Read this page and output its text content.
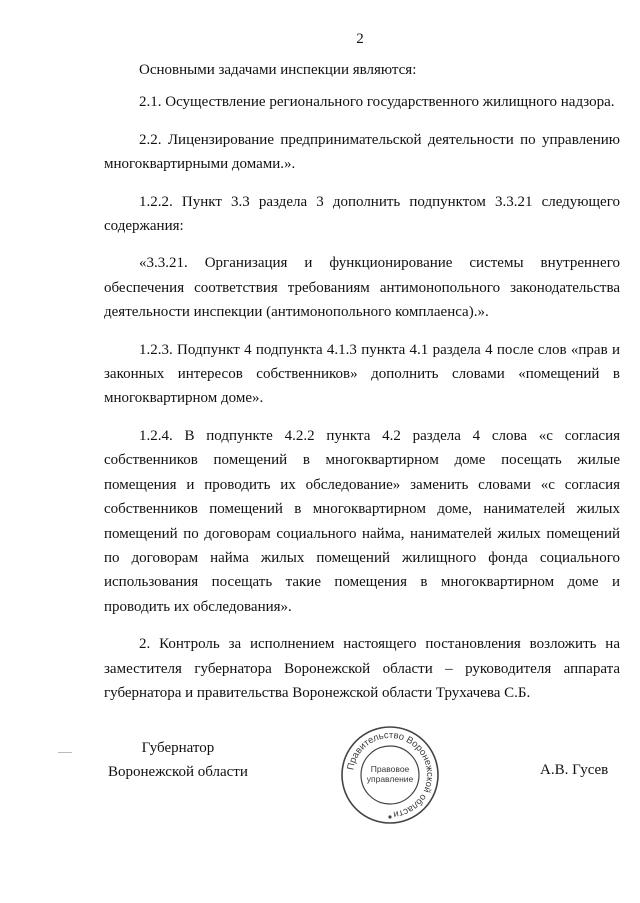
2

Основными задачами инспекции являются:

2.1. Осуществление регионального государственного жилищного надзора.

2.2. Лицензирование предпринимательской деятельности по управлению многоквартирными домами.».

1.2.2. Пункт 3.3 раздела 3 дополнить подпунктом 3.3.21 следующего содержания:

«3.3.21. Организация и функционирование системы внутреннего обеспечения соответствия требованиям антимонопольного законодательства деятельности инспекции (антимонопольного комплаенса).».

1.2.3. Подпункт 4 подпункта 4.1.3 пункта 4.1 раздела 4 после слов «прав и законных интересов собственников» дополнить словами «помещений в многоквартирном доме».

1.2.4. В подпункте 4.2.2 пункта 4.2 раздела 4 слова «с согласия собственников помещений в многоквартирном доме посещать жилые помещения и проводить их обследование» заменить словами «с согласия собственников помещений в многоквартирном доме, нанимателей жилых помещений по договорам социального найма, нанимателей жилых помещений по договорам найма жилых помещений жилищного фонда социального использования посещать такие помещения в многоквартирном доме и проводить их обследования».

2. Контроль за исполнением настоящего постановления возложить на заместителя губернатора Воронежской области – руководителя аппарата губернатора и правительства Воронежской области Трухачева С.Б.

Губернатор
Воронежской области	Правительство Воронежской области
Правовое
управление
А.В. Гусев
